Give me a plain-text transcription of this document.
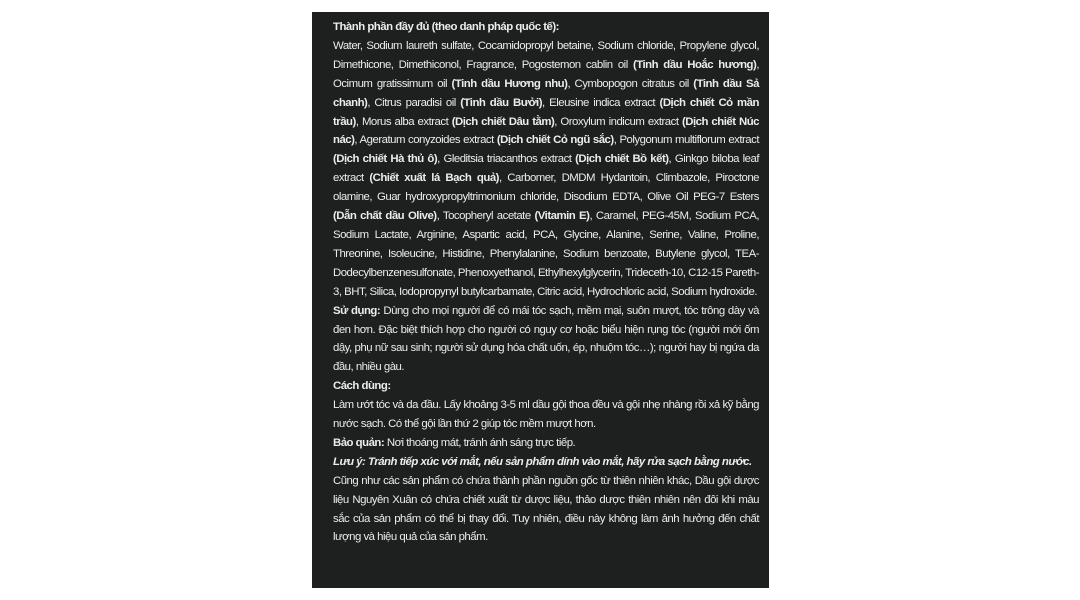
Thành phần đầy đủ (theo danh pháp quốc tế):

Water, Sodium laureth sulfate, Cocamidopropyl betaine, Sodium chloride, Propylene glycol, Dimethicone, Dimethiconol, Fragrance, Pogostemon cablin oil (Tinh dầu Hoắc hương), Ocimum gratissimum oil (Tinh dầu Hương nhu), Cymbopogon citratus oil (Tinh dầu Sả chanh), Citrus paradisi oil (Tinh dầu Bưởi), Eleusine indica extract (Dịch chiết Cỏ mần trầu), Morus alba extract (Dịch chiết Dâu tằm), Oroxylum indicum extract (Dịch chiết Núc nác), Ageratum conyzoides extract (Dịch chiết Cỏ ngũ sắc), Polygonum multiflorum extract (Dịch chiết Hà thủ ô), Gleditsia triacanthos extract (Dịch chiết Bồ kết), Ginkgo biloba leaf extract (Chiết xuất lá Bạch quả), Carbomer, DMDM Hydantoin, Climbazole, Piroctone olamine, Guar hydroxypropyltrimonium chloride, Disodium EDTA, Olive Oil PEG-7 Esters (Dẫn chất dầu Olive), Tocopheryl acetate (Vitamin E), Caramel, PEG-45M, Sodium PCA, Sodium Lactate, Arginine, Aspartic acid, PCA, Glycine, Alanine, Serine, Valine, Proline, Threonine, Isoleucine, Histidine, Phenylalanine, Sodium benzoate, Butylene glycol, TEA-Dodecylbenzenesulfonate, Phenoxyethanol, Ethylhexylglycerin, Trideceth-10, C12-15 Pareth-3, BHT, Silica, Iodopropynyl butylcarbamate, Citric acid, Hydrochloric acid, Sodium hydroxide.

Sử dụng: Dùng cho mọi người để có mái tóc sạch, mềm mại, suôn mượt, tóc trông dày và đen hơn. Đặc biệt thích hợp cho người có nguy cơ hoặc biểu hiện rụng tóc (người mới ốm dậy, phụ nữ sau sinh; người sử dụng hóa chất uốn, ép, nhuộm tóc…); người hay bị ngứa da đầu, nhiều gàu.

Cách dùng:

Làm ướt tóc và da đầu. Lấy khoảng 3-5 ml dầu gội thoa đều và gội nhẹ nhàng rồi xả kỹ bằng nước sạch. Có thể gội lần thứ 2 giúp tóc mềm mượt hơn.

Bảo quản: Nơi thoáng mát, tránh ánh sáng trực tiếp.

Lưu ý: Tránh tiếp xúc với mắt, nếu sản phẩm dính vào mắt, hãy rửa sạch bằng nước.

Cũng như các sản phẩm có chứa thành phần nguồn gốc từ thiên nhiên khác, Dầu gội dược liệu Nguyên Xuân có chứa chiết xuất từ dược liệu, thảo dược thiên nhiên nên đôi khi màu sắc của sản phẩm có thể bị thay đổi. Tuy nhiên, điều này không làm ảnh hưởng đến chất lượng và hiệu quả của sản phẩm.
